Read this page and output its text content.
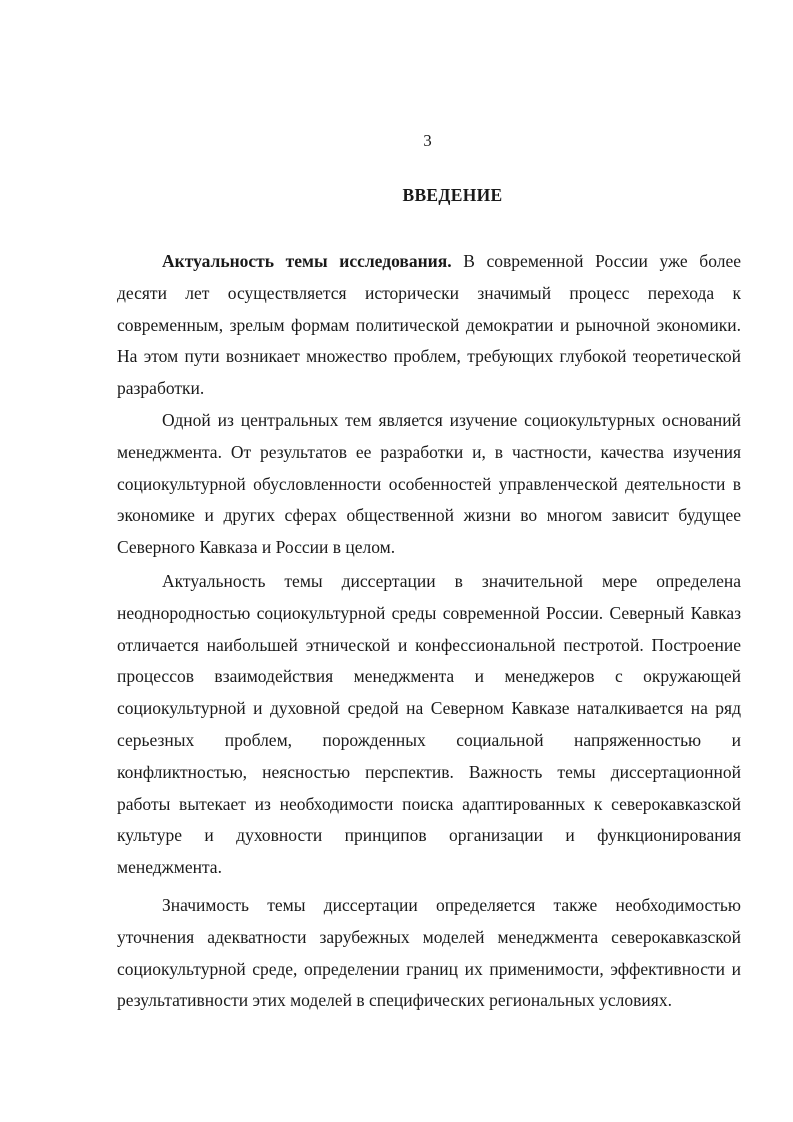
3
ВВЕДЕНИЕ

Актуальность темы исследования. В современной России уже более десяти лет осуществляется исторически значимый процесс перехода к современным, зрелым формам политической демократии и рыночной экономики. На этом пути возникает множество проблем, требующих глубокой теоретической разработки.

Одной из центральных тем является изучение социокультурных оснований менеджмента. От результатов ее разработки и, в частности, качества изучения социокультурной обусловленности особенностей управленческой деятельности в экономике и других сферах общественной жизни во многом зависит будущее Северного Кавказа и России в целом.

Актуальность темы диссертации в значительной мере определена неоднородностью социокультурной среды современной России. Северный Кавказ отличается наибольшей этнической и конфессиональной пестротой. Построение процессов взаимодействия менеджмента и менеджеров с окружающей социокультурной и духовной средой на Северном Кавказе наталкивается на ряд серьезных проблем, порожденных социальной напряженностью и конфликтностью, неясностью перспектив. Важность темы диссертационной работы вытекает из необходимости поиска адаптированных к северокавказской культуре и духовности принципов организации и функционирования менеджмента.

Значимость темы диссертации определяется также необходимостью уточнения адекватности зарубежных моделей менеджмента северокавказской социокультурной среде, определении границ их применимости, эффективности и результативности этих моделей в специфических региональных условиях.
